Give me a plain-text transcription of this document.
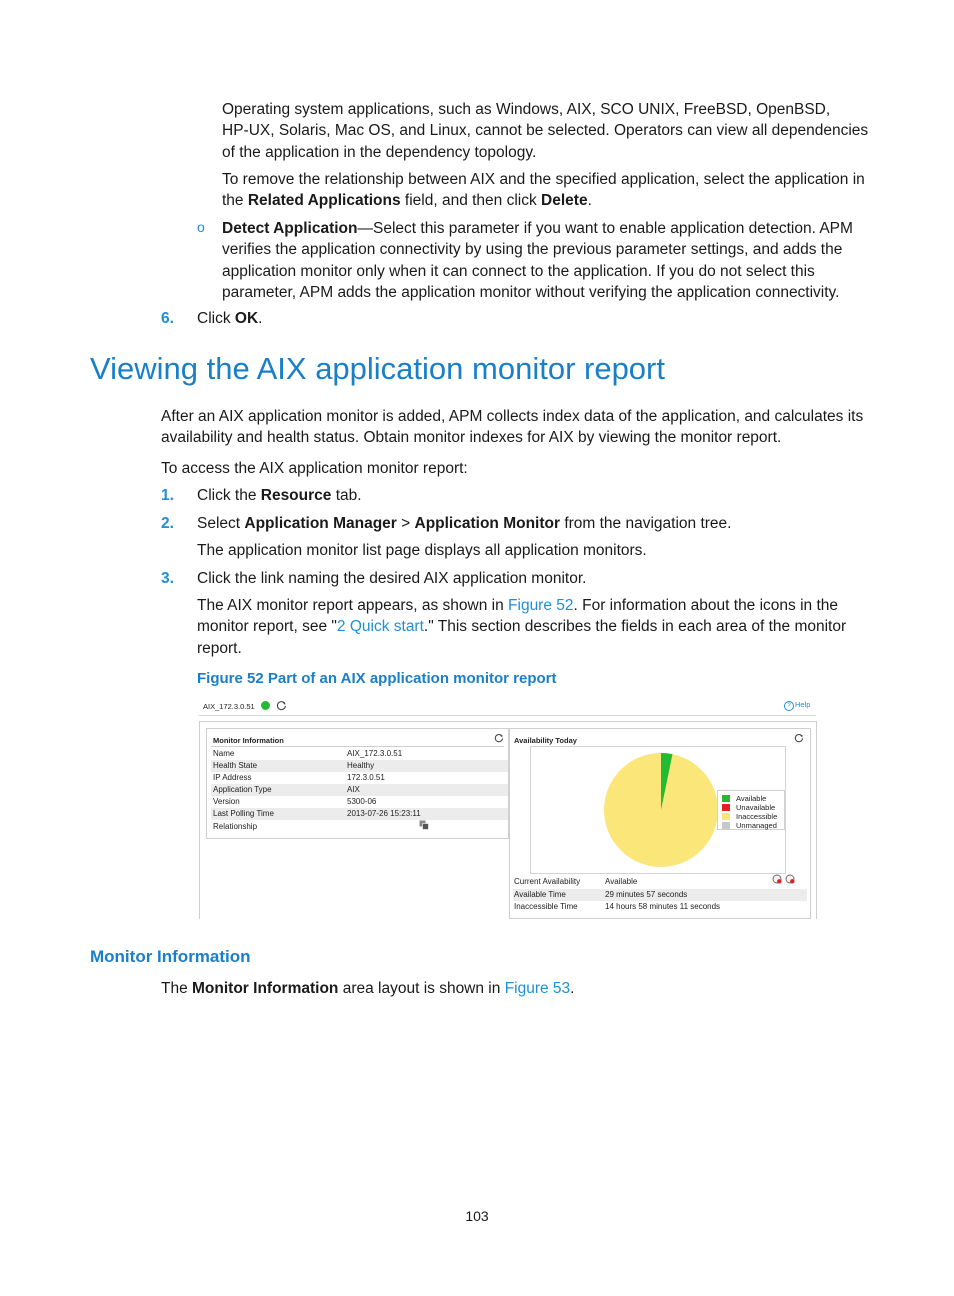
Operating system applications, such as Windows, AIX, SCO UNIX, FreeBSD, OpenBSD,
HP-UX, Solaris, Mac OS, and Linux, cannot be selected. Operators can view all dependencies
of the application in the dependency topology.
To remove the relationship between AIX and the specified application, select the application in
the Related Applications field, and then click Delete.
o Detect Application—Select this parameter if you want to enable application detection. APM
verifies the application connectivity by using the previous parameter settings, and adds the
application monitor only when it can connect to the application. If you do not select this
parameter, APM adds the application monitor without verifying the application connectivity.
6. Click OK.
Viewing the AIX application monitor report
After an AIX application monitor is added, APM collects index data of the application, and calculates its
availability and health status. Obtain monitor indexes for AIX by viewing the monitor report.
To access the AIX application monitor report:
1. Click the Resource tab.
2. Select Application Manager > Application Monitor from the navigation tree.
The application monitor list page displays all application monitors.
3. Click the link naming the desired AIX application monitor.
The AIX monitor report appears, as shown in Figure 52. For information about the icons in the
monitor report, see "2 Quick start." This section describes the fields in each area of the monitor
report.
Figure 52 Part of an AIX application monitor report
AIX_172.3.0.51	? Help
Monitor Information
Name	AIX_172.3.0.51
Health State	Healthy
IP Address	172.3.0.51
Application Type	AIX
Version	5300-06
Last Polling Time	2013-07-26 15:23:11
Relationship
Availability Today
Available
Unavailable
Inaccessible
Unmanaged
Current Availability	Available
Available Time	29 minutes 57 seconds
Inaccessible Time	14 hours 58 minutes 11 seconds
Monitor Information
The Monitor Information area layout is shown in Figure 53.
103
